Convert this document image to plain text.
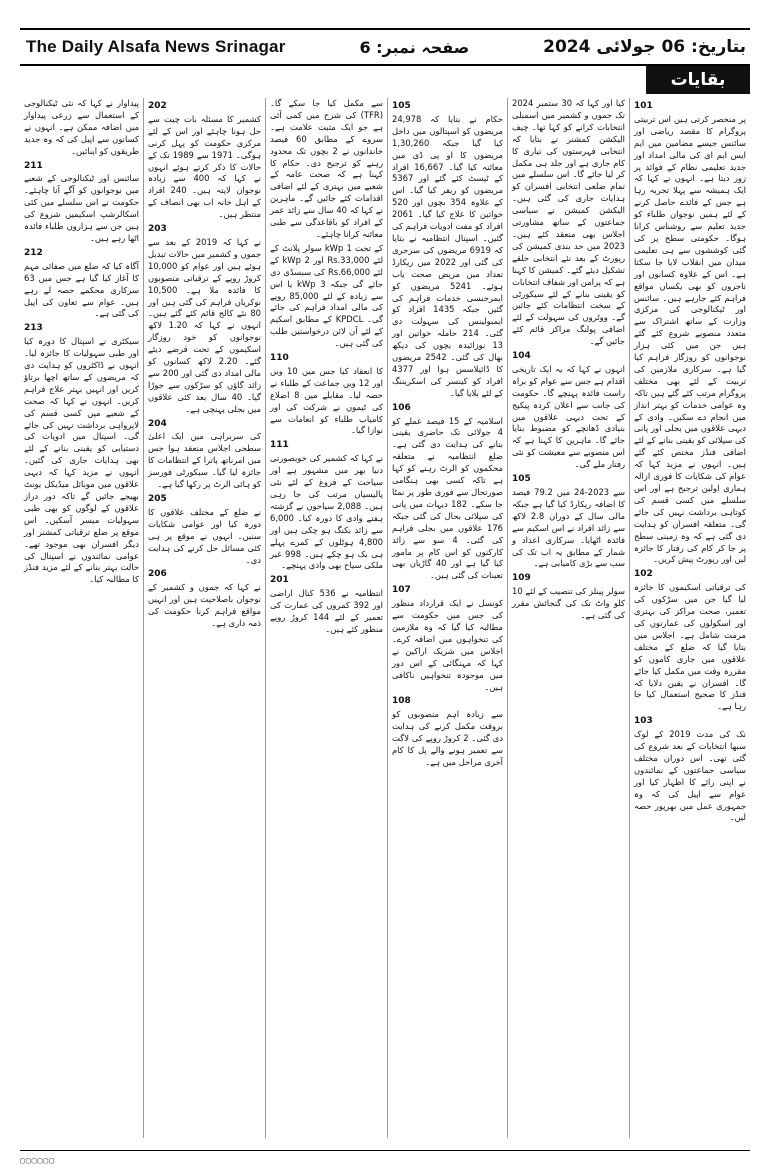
The Daily Alsafa News Srinagar	صفحہ نمبر: 6	بتاریخ: 06 جولائی 2024
بقایات
101

پر منحصر کرتی ہیں اس تربیتی پروگرام کا مقصد ریاضی اور سائنس جیسے مضامین میں ایم ایس ایم ای کی مالی امداد اور جدید تعلیمی نظام کے فوائد پر زور دیتا ہے۔ انہوں نے کہا کہ ایک ہمیشہ سے پہلا تجربہ رہا ہے جس کے فائدے حاصل کرنے کے لئے ہمیں نوجوان طلباء کو جدید تعلیم سے روشناس کرانا ہوگا۔ حکومتی سطح پر کی گئی کوششوں سے ہی تعلیمی میدان میں انقلاب لایا جا سکتا ہے۔ اس کے علاوہ کسانوں اور تاجروں کو بھی یکساں مواقع فراہم کئے جارہے ہیں۔ سائنس اور ٹیکنالوجی کی مرکزی وزارت کے ساتھ اشتراک سے متعدد منصوبے شروع کئے گئے ہیں جن میں کئی ہزار نوجوانوں کو روزگار فراہم کیا گیا ہے۔ سرکاری ملازمین کی تربیت کے لئے بھی مختلف پروگرام مرتب کئے گئے ہیں تاکہ وہ عوامی خدمات کو بہتر انداز میں انجام دے سکیں۔ وادی کے دیہی علاقوں میں بجلی اور پانی کی سپلائی کو یقینی بنانے کے لئے اضافی فنڈز مختص کئے گئے ہیں۔ انہوں نے مزید کہا کہ عوام کی شکایات کا فوری ازالہ ہماری اولین ترجیح ہے اور اس سلسلے میں کسی قسم کی کوتاہی برداشت نہیں کی جائے گی۔ متعلقہ افسران کو ہدایت دی گئی ہے کہ وہ زمینی سطح پر جا کر کام کی رفتار کا جائزہ لیں اور رپورٹ پیش کریں۔

102

کی ترقیاتی اسکیموں کا جائزہ لیا گیا جن میں سڑکوں کی تعمیر، صحت مراکز کی بہتری اور اسکولوں کی عمارتوں کی مرمت شامل ہے۔ اجلاس میں بتایا گیا کہ ضلع کے مختلف علاقوں میں جاری کاموں کو مقررہ وقت میں مکمل کیا جائے گا۔ افسران نے یقین دلایا کہ فنڈز کا صحیح استعمال کیا جا رہا ہے۔

103

تک کی مدت 2019 کے لوک سبھا انتخابات کے بعد شروع کی گئی تھی۔ اس دوران مختلف سیاسی جماعتوں کے نمائندوں نے اپنی رائے کا اظہار کیا اور عوام سے اپیل کی کہ وہ جمہوری عمل میں بھرپور حصہ لیں۔

کیا اور کہا کہ 30 ستمبر 2024 تک جموں و کشمیر میں اسمبلی انتخابات کرانے کو کہا تھا۔ چیف الیکشن کمشنر نے بتایا کہ انتخابی فہرستوں کی تیاری کا کام جاری ہے اور جلد ہی مکمل کر لیا جائے گا۔ اس سلسلے میں تمام ضلعی انتخابی افسران کو ہدایات جاری کی گئی ہیں۔ الیکشن کمیشن نے سیاسی جماعتوں کے ساتھ مشاورتی اجلاس بھی منعقد کئے ہیں۔ 2023 میں حد بندی کمیشن کی رپورٹ کے بعد نئے انتخابی حلقے تشکیل دیئے گئے۔ کمیشن کا کہنا ہے کہ پرامن اور شفاف انتخابات کو یقینی بنانے کے لئے سیکورٹی کے سخت انتظامات کئے جائیں گے۔ ووٹروں کی سہولت کے لئے اضافی پولنگ مراکز قائم کئے جائیں گے۔

104

انہوں نے کہا کہ یہ ایک تاریخی اقدام ہے جس سے عوام کو براہ راست فائدہ پہنچے گا۔ حکومت کی جانب سے اعلان کردہ پیکیج کے تحت دیہی علاقوں میں بنیادی ڈھانچے کو مضبوط بنایا جائے گا۔ ماہرین کا کہنا ہے کہ اس منصوبے سے معیشت کو نئی رفتار ملے گی۔

105

سے 2023-24 میں 79.2 فیصد کا اضافہ ریکارڈ کیا گیا ہے جبکہ مالی سال کے دوران 2.8 لاکھ سے زائد افراد نے اس اسکیم سے فائدہ اٹھایا۔ سرکاری اعداد و شمار کے مطابق یہ اب تک کی سب سے بڑی کامیابی ہے۔

109

سولر پینلز کی تنصیب کے لئے 10 کلو واٹ تک کی گنجائش مقرر کی گئی ہے۔

105

حکام نے بتایا کہ 24,978 مریضوں کو اسپتالوں میں داخل کیا گیا جبکہ 1,30,260 مریضوں کا او پی ڈی میں معائنہ کیا گیا۔ 16,667 افراد کے ٹیسٹ کئے گئے اور 5367 مریضوں کو ریفر کیا گیا۔ اس کے علاوہ 354 بچوں اور 520 خواتین کا علاج کیا گیا۔ 2061 افراد کو مفت ادویات فراہم کی گئیں۔ اسپتال انتظامیہ نے بتایا کہ 6919 مریضوں کی سرجری کی گئی اور 2022 میں ریکارڈ تعداد میں مریض صحت یاب ہوئے۔ 5241 مریضوں کو ایمرجنسی خدمات فراہم کی گئیں جبکہ 1435 افراد کو ایمبولینس کی سہولت دی گئی۔ 214 حاملہ خواتین اور 13 نوزائیدہ بچوں کی دیکھ بھال کی گئی۔ 2542 مریضوں کا ڈائیلاسس ہوا اور 4377 افراد کو کینسر کی اسکریننگ کے لئے بلایا گیا۔

106

اسلامیہ کے 15 فیصد عملے کو 4 جولائی تک حاضری یقینی بنانے کی ہدایت دی گئی ہے۔ ضلع انتظامیہ نے متعلقہ محکموں کو الرٹ رہنے کو کہا ہے تاکہ کسی بھی ہنگامی صورتحال سے فوری طور پر نمٹا جا سکے۔ 182 دیہات میں پانی کی سپلائی بحال کی گئی جبکہ 176 علاقوں میں بجلی فراہم کی گئی۔ 4 سو سے زائد کارکنوں کو اس کام پر مامور کیا گیا ہے اور 40 گاڑیاں بھی تعینات کی گئی ہیں۔

107

کونسل نے ایک قرارداد منظور کی جس میں حکومت سے مطالبہ کیا گیا کہ وہ ملازمین کی تنخواہوں میں اضافہ کرے۔ اجلاس میں شریک اراکین نے کہا کہ مہنگائی کے اس دور میں موجودہ تنخواہیں ناکافی ہیں۔

108

سے زیادہ اہم منصوبوں کو بروقت مکمل کرنے کی ہدایت دی گئی۔ 2 کروڑ روپے کی لاگت سے تعمیر ہونے والے پل کا کام آخری مراحل میں ہے۔

سے مکمل کیا جا سکے گا۔ (TFR) کی شرح میں کمی آئی ہے جو ایک مثبت علامت ہے۔ سروے کے مطابق 60 فیصد خاندانوں نے 2 بچوں تک محدود رہنے کو ترجیح دی۔ حکام کا کہنا ہے کہ صحت عامہ کے شعبے میں بہتری کے لئے اضافی اقدامات کئے جائیں گے۔ ماہرین نے کہا کہ 40 سال سے زائد عمر کے افراد کو باقاعدگی سے طبی معائنہ کرانا چاہئے۔

کے تحت 1 kWp سولر پلانٹ کے لئے Rs.33,000 اور 2 kWp کے لئے Rs.66,000 کی سبسڈی دی جائے گی جبکہ 3 kWp یا اس سے زیادہ کے لئے 85,000 روپے کی مالی امداد فراہم کی جائے گی۔ KPDCL کے مطابق اسکیم کے لئے آن لائن درخواستیں طلب کی گئی ہیں۔

110

کا انعقاد کیا جس میں 10 ویں اور 12 ویں جماعت کے طلباء نے حصہ لیا۔ مقابلے میں 8 اضلاع کی ٹیموں نے شرکت کی اور کامیاب طلباء کو انعامات سے نوازا گیا۔

111

نے کہا کہ کشمیر کی خوبصورتی دنیا بھر میں مشہور ہے اور سیاحت کے فروغ کے لئے نئی پالیسیاں مرتب کی جا رہی ہیں۔ 2,088 سیاحوں نے گزشتہ ہفتے وادی کا دورہ کیا۔ 6,000 سے زائد بکنگ ہو چکی ہیں اور 4,800 ہوٹلوں کے کمرے پہلے ہی بک ہو چکے ہیں۔ 998 غیر ملکی سیاح بھی وادی پہنچے۔

201

انتظامیہ نے 536 کنال اراضی اور 392 کمروں کی عمارت کی تعمیر کے لئے 144 کروڑ روپے منظور کئے ہیں۔

202

کشمیر کا مسئلہ بات چیت سے حل ہونا چاہئے اور اس کے لئے مرکزی حکومت کو پہل کرنی ہوگی۔ 1971 سے 1989 تک کے حالات کا ذکر کرتے ہوئے انہوں نے کہا کہ 400 سے زیادہ نوجوان لاپتہ ہیں۔ 240 افراد کے اہل خانہ اب بھی انصاف کے منتظر ہیں۔

203

نے کہا کہ 2019 کے بعد سے جموں و کشمیر میں حالات تبدیل ہوئے ہیں اور عوام کو 10,000 کروڑ روپے کے ترقیاتی منصوبوں کا فائدہ ملا ہے۔ 10,500 نوکریاں فراہم کی گئی ہیں اور 80 نئے کالج قائم کئے گئے ہیں۔ انہوں نے کہا کہ 1.20 لاکھ نوجوانوں کو خود روزگار اسکیموں کے تحت قرضے دیئے گئے۔ 2.20 لاکھ کسانوں کو مالی امداد دی گئی اور 200 سے زائد گاؤں کو سڑکوں سے جوڑا گیا۔ 40 سال بعد کئی علاقوں میں بجلی پہنچی ہے۔

204

کی سربراہی میں ایک اعلیٰ سطحی اجلاس منعقد ہوا جس میں امرناتھ یاترا کے انتظامات کا جائزہ لیا گیا۔ سیکورٹی فورسز کو ہائی الرٹ پر رکھا گیا ہے۔

205

نے ضلع کے مختلف علاقوں کا دورہ کیا اور عوامی شکایات سنیں۔ انہوں نے موقع پر ہی کئی مسائل حل کرنے کی ہدایت دی۔

206

نے کہا کہ جموں و کشمیر کے نوجوان باصلاحیت ہیں اور انہیں مواقع فراہم کرنا حکومت کی ذمہ داری ہے۔

پیداوار نے کہا کہ نئی ٹیکنالوجی کے استعمال سے زرعی پیداوار میں اضافہ ممکن ہے۔ انہوں نے کسانوں سے اپیل کی کہ وہ جدید طریقوں کو اپنائیں۔

211

سائنس اور ٹیکنالوجی کے شعبے میں نوجوانوں کو آگے آنا چاہئے۔ حکومت نے اس سلسلے میں کئی اسکالرشپ اسکیمیں شروع کی ہیں جن سے ہزاروں طلباء فائدہ اٹھا رہے ہیں۔

212

آگاہ کیا کہ ضلع میں صفائی مہم کا آغاز کیا گیا ہے جس میں 63 سرکاری محکمے حصہ لے رہے ہیں۔ عوام سے تعاون کی اپیل کی گئی ہے۔

213

سیکٹری نے اسپتال کا دورہ کیا اور طبی سہولیات کا جائزہ لیا۔ انہوں نے ڈاکٹروں کو ہدایت دی کہ مریضوں کے ساتھ اچھا برتاؤ کریں اور انہیں بہتر علاج فراہم کریں۔ انہوں نے کہا کہ صحت کے شعبے میں کسی قسم کی لاپرواہی برداشت نہیں کی جائے گی۔ اسپتال میں ادویات کی دستیابی کو یقینی بنانے کے لئے بھی ہدایات جاری کی گئیں۔ انہوں نے مزید کہا کہ دیہی علاقوں میں موبائل میڈیکل یونٹ بھیجے جائیں گے تاکہ دور دراز علاقوں کے لوگوں کو بھی طبی سہولیات میسر آسکیں۔ اس موقع پر ضلع ترقیاتی کمشنر اور دیگر افسران بھی موجود تھے۔ عوامی نمائندوں نے اسپتال کی حالت بہتر بنانے کے لئے مزید فنڈز کا مطالبہ کیا۔

▢▢▢▢▢▢
